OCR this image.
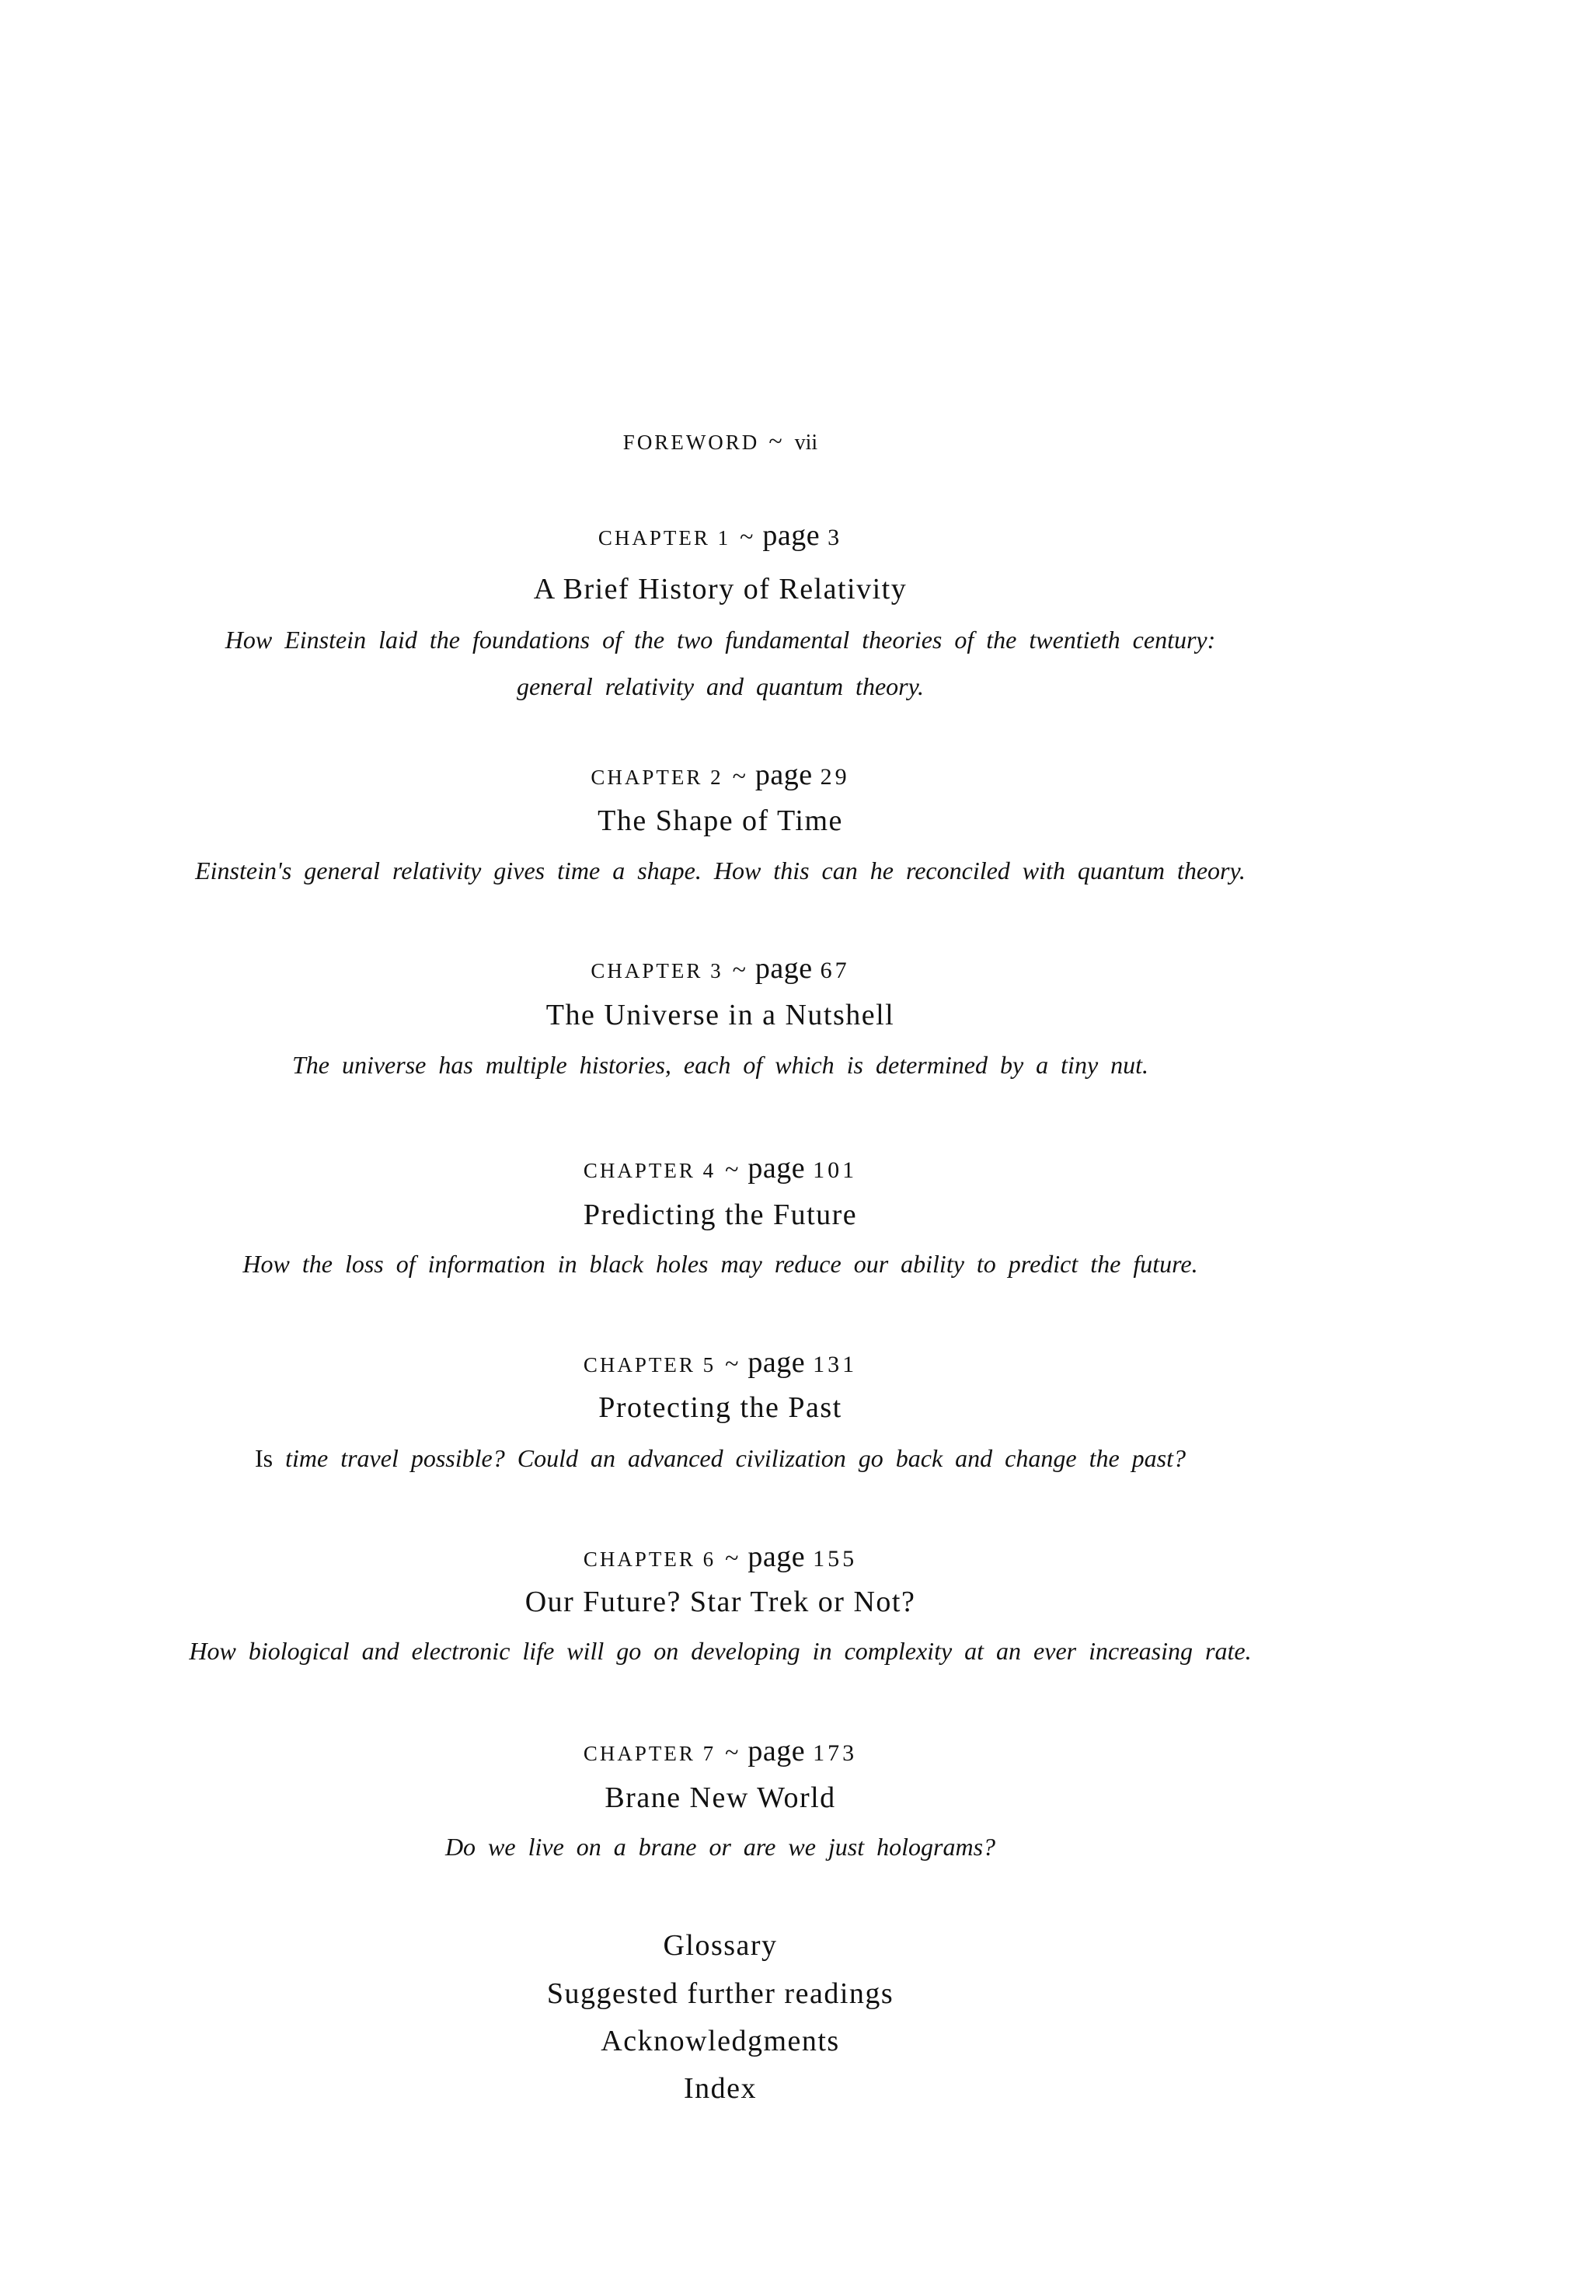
FOREWORD ~ vii
CHAPTER 1 ~ page 3
A Brief History of Relativity
How Einstein laid the foundations of the two fundamental theories of the twentieth century:
general relativity and quantum theory.
CHAPTER 2 ~ page 29
The Shape of Time
Einstein's general relativity gives time a shape. How this can he reconciled with quantum theory.
CHAPTER 3 ~ page 67
The Universe in a Nutshell
The universe has multiple histories, each of which is determined by a tiny nut.
CHAPTER 4 ~ page 101
Predicting the Future
How the loss of information in black holes may reduce our ability to predict the future.
CHAPTER 5 ~ page 131
Protecting the Past
Is time travel possible? Could an advanced civilization go back and change the past?
CHAPTER 6 ~ page 155
Our Future? Star Trek or Not?
How biological and electronic life will go on developing in complexity at an ever increasing rate.
CHAPTER 7 ~ page 173
Brane New World
Do we live on a brane or are we just holograms?
Glossary
Suggested further readings
Acknowledgments
Index
